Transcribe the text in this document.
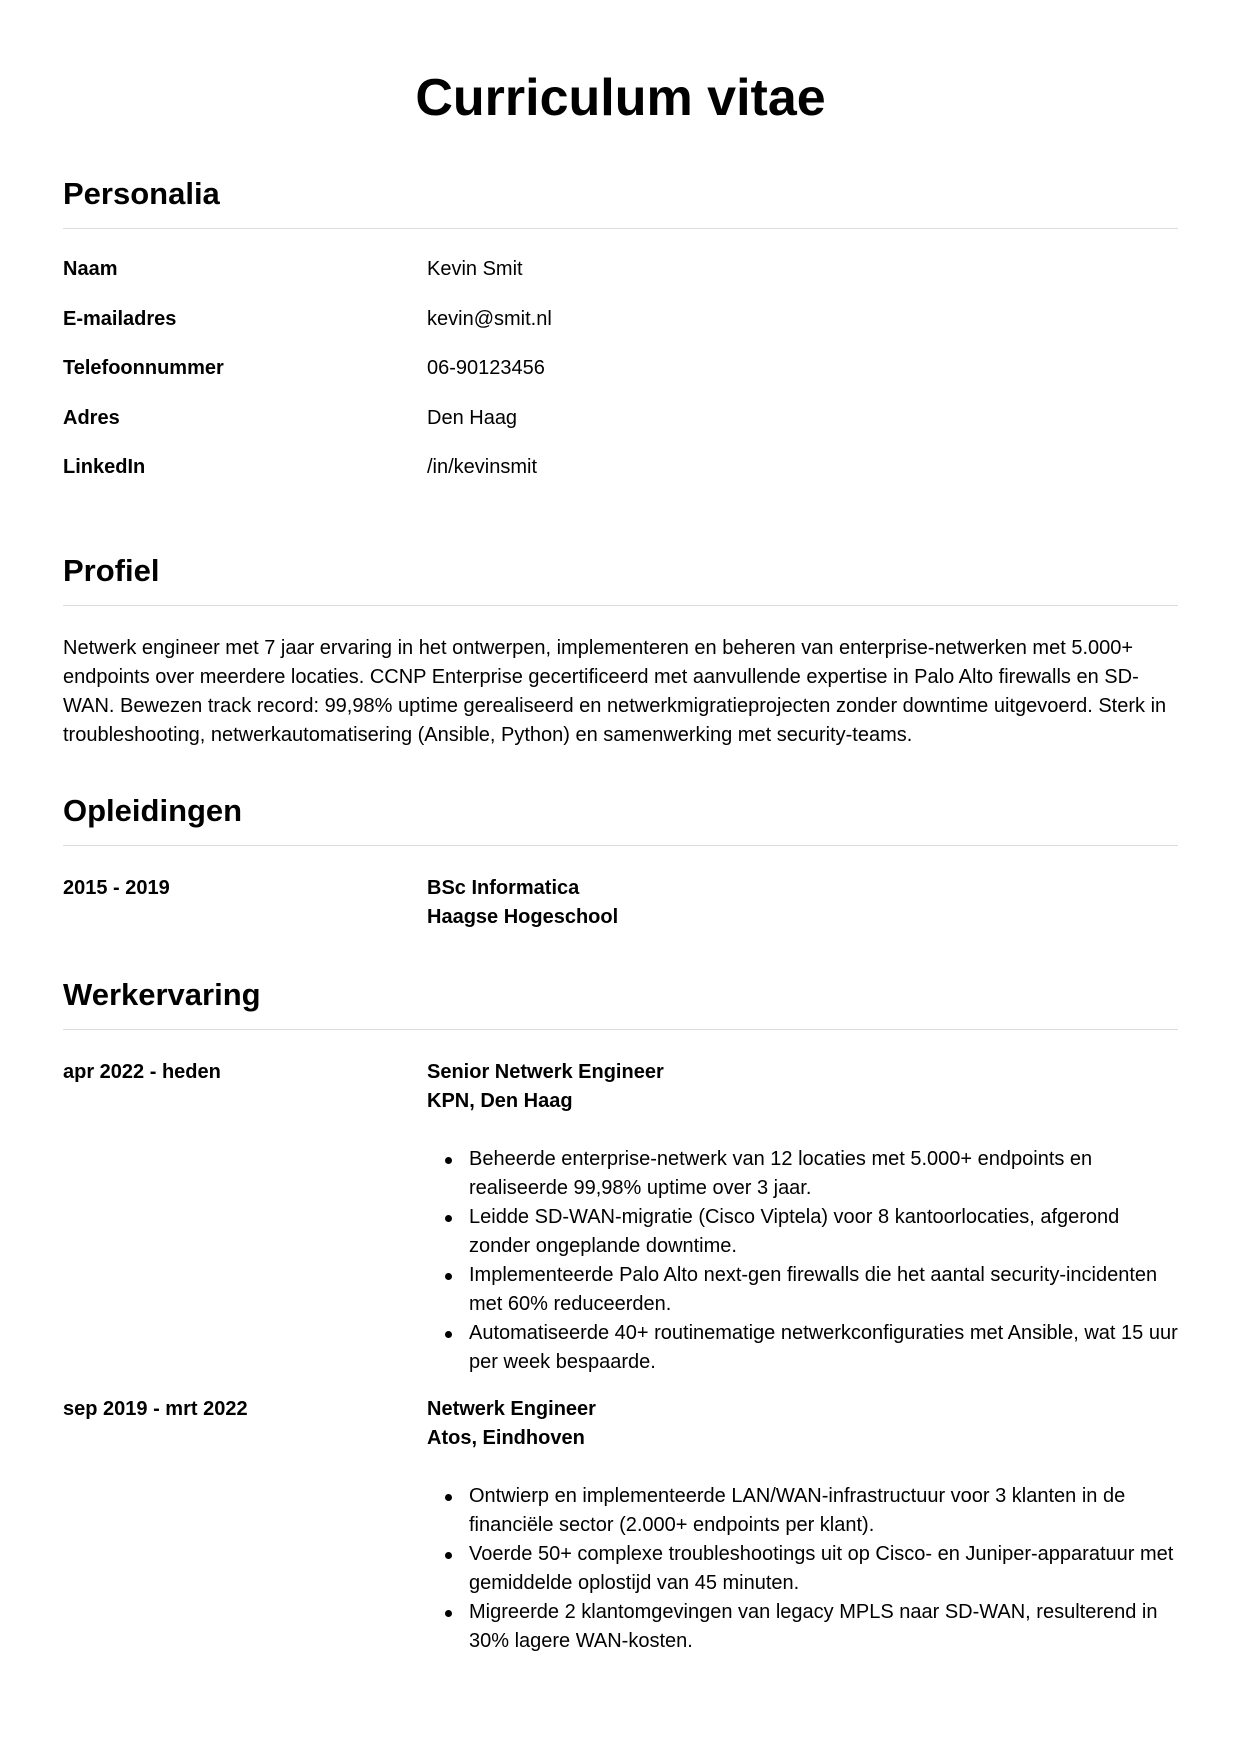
Curriculum vitae
Personalia
Naam	Kevin Smit
E-mailadres	kevin@smit.nl
Telefoonnummer	06-90123456
Adres	Den Haag
LinkedIn	/in/kevinsmit
Profiel

Netwerk engineer met 7 jaar ervaring in het ontwerpen, implementeren en beheren van enterprise-netwerken met 5.000+ endpoints over meerdere locaties. CCNP Enterprise gecertificeerd met aanvullende expertise in Palo Alto firewalls en SD-WAN. Bewezen track record: 99,98% uptime gerealiseerd en netwerkmigratieprojecten zonder downtime uitgevoerd. Sterk in troubleshooting, netwerkautomatisering (Ansible, Python) en samenwerking met security-teams.

Opleidingen
2015 - 2019	BSc Informatica
Haagse Hogeschool
Werkervaring
apr 2022 - heden	Senior Netwerk Engineer
KPN, Den Haag
Beheerde enterprise-netwerk van 12 locaties met 5.000+ endpoints en realiseerde 99,98% uptime over 3 jaar.
Leidde SD-WAN-migratie (Cisco Viptela) voor 8 kantoorlocaties, afgerond zonder ongeplande downtime.
Implementeerde Palo Alto next-gen firewalls die het aantal security-incidenten met 60% reduceerden.
Automatiseerde 40+ routinematige netwerkconfiguraties met Ansible, wat 15 uur per week bespaarde.
sep 2019 - mrt 2022	Netwerk Engineer
Atos, Eindhoven
Ontwierp en implementeerde LAN/WAN-infrastructuur voor 3 klanten in de financiële sector (2.000+ endpoints per klant).
Voerde 50+ complexe troubleshootings uit op Cisco- en Juniper-apparatuur met gemiddelde oplostijd van 45 minuten.
Migreerde 2 klantomgevingen van legacy MPLS naar SD-WAN, resulterend in 30% lagere WAN-kosten.
